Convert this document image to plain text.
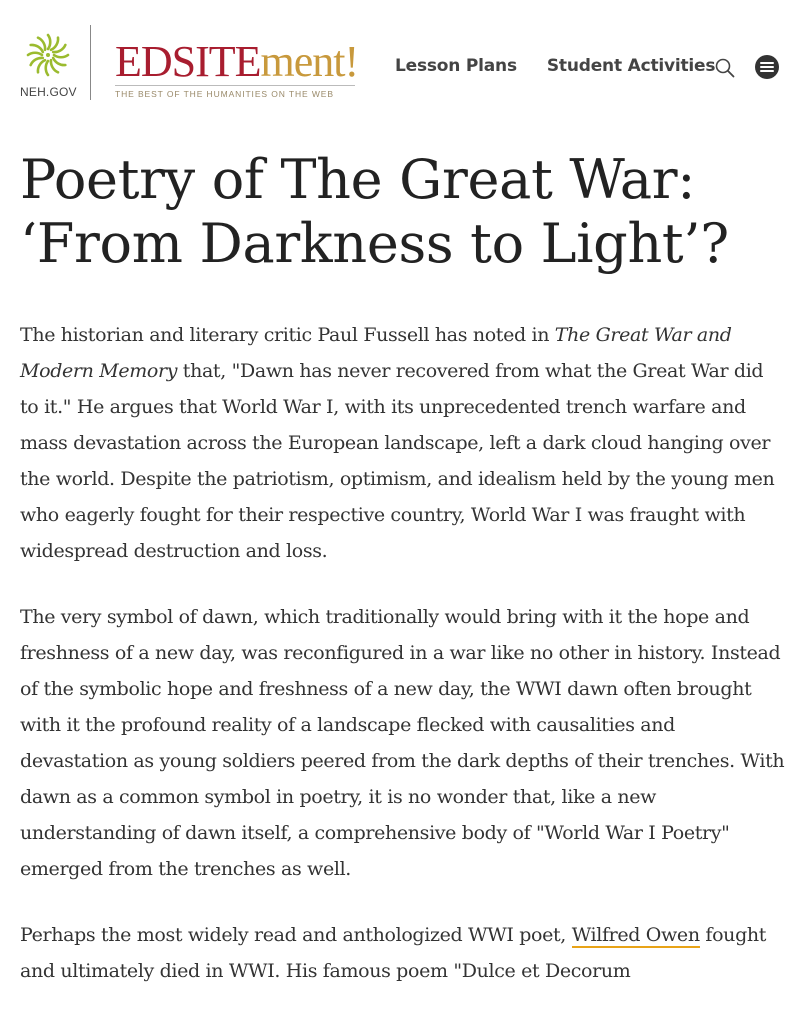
NEH.GOV
EDSITEment!
THE BEST OF THE HUMANITIES ON THE WEB
Lesson Plans Student Activities
Poetry of The Great War: ‘From Darkness to Light’?

The historian and literary critic Paul Fussell has noted in The Great War and Modern Memory that, "Dawn has never recovered from what the Great War did to it." He argues that World War I, with its unprecedented trench warfare and mass devastation across the European landscape, left a dark cloud hanging over the world. Despite the patriotism, optimism, and idealism held by the young men who eagerly fought for their respective country, World War I was fraught with widespread destruction and loss.

The very symbol of dawn, which traditionally would bring with it the hope and freshness of a new day, was reconfigured in a war like no other in history. Instead of the symbolic hope and freshness of a new day, the WWI dawn often brought with it the profound reality of a landscape flecked with causalities and devastation as young soldiers peered from the dark depths of their trenches. With dawn as a common symbol in poetry, it is no wonder that, like a new understanding of dawn itself, a comprehensive body of "World War I Poetry" emerged from the trenches as well.

Perhaps the most widely read and anthologized WWI poet, Wilfred Owen fought and ultimately died in WWI. His famous poem "Dulce et Decorum
